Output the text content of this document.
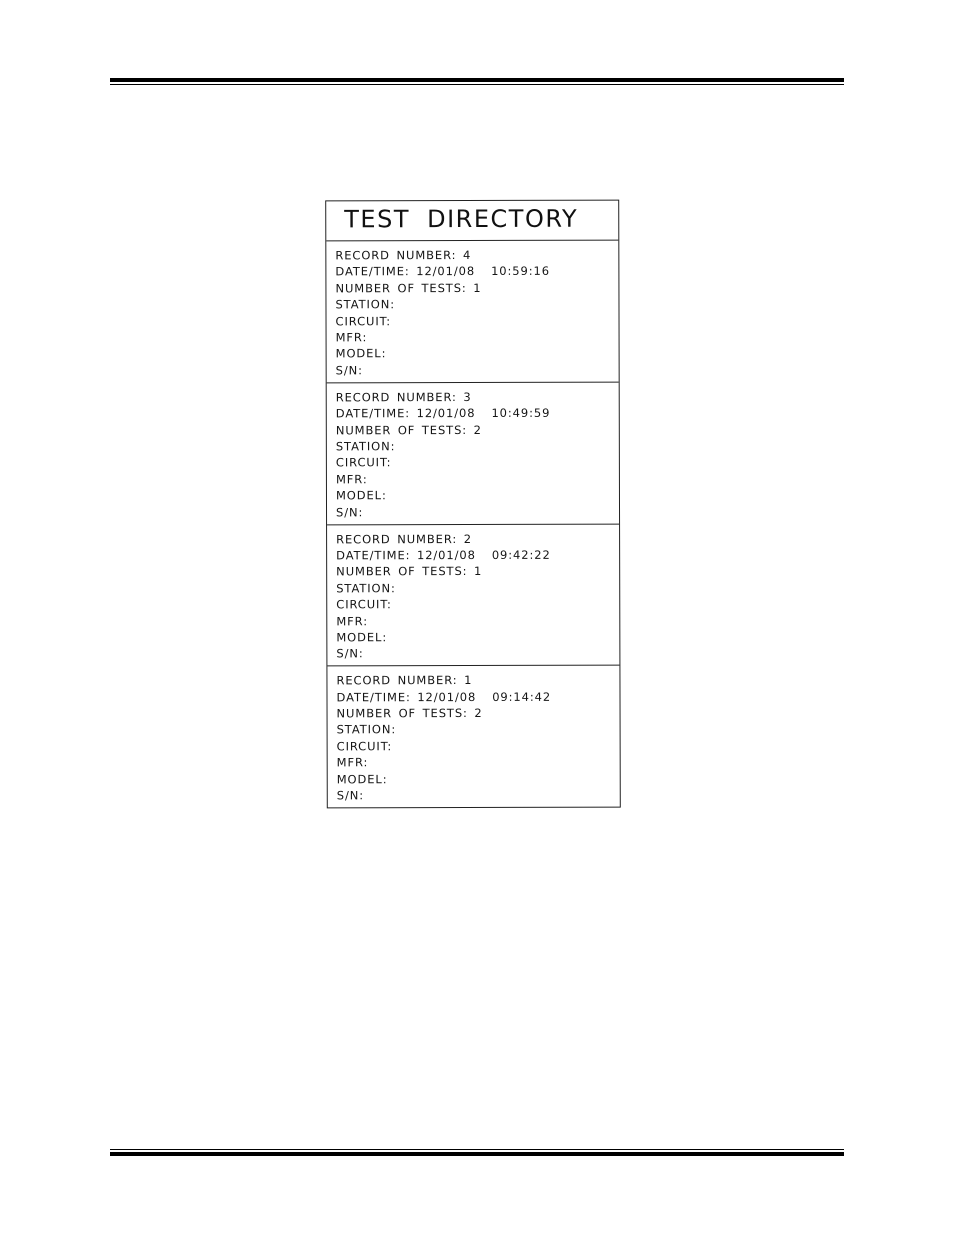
TEST DIRECTORY
RECORD NUMBER: 4
DATE/TIME: 12/01/08 10:59:16
NUMBER OF TESTS: 1
STATION:
CIRCUIT:
MFR:
MODEL:
S/N:
RECORD NUMBER: 3
DATE/TIME: 12/01/08 10:49:59
NUMBER OF TESTS: 2
STATION:
CIRCUIT:
MFR:
MODEL:
S/N:
RECORD NUMBER: 2
DATE/TIME: 12/01/08 09:42:22
NUMBER OF TESTS: 1
STATION:
CIRCUIT:
MFR:
MODEL:
S/N:
RECORD NUMBER: 1
DATE/TIME: 12/01/08 09:14:42
NUMBER OF TESTS: 2
STATION:
CIRCUIT:
MFR:
MODEL:
S/N:
